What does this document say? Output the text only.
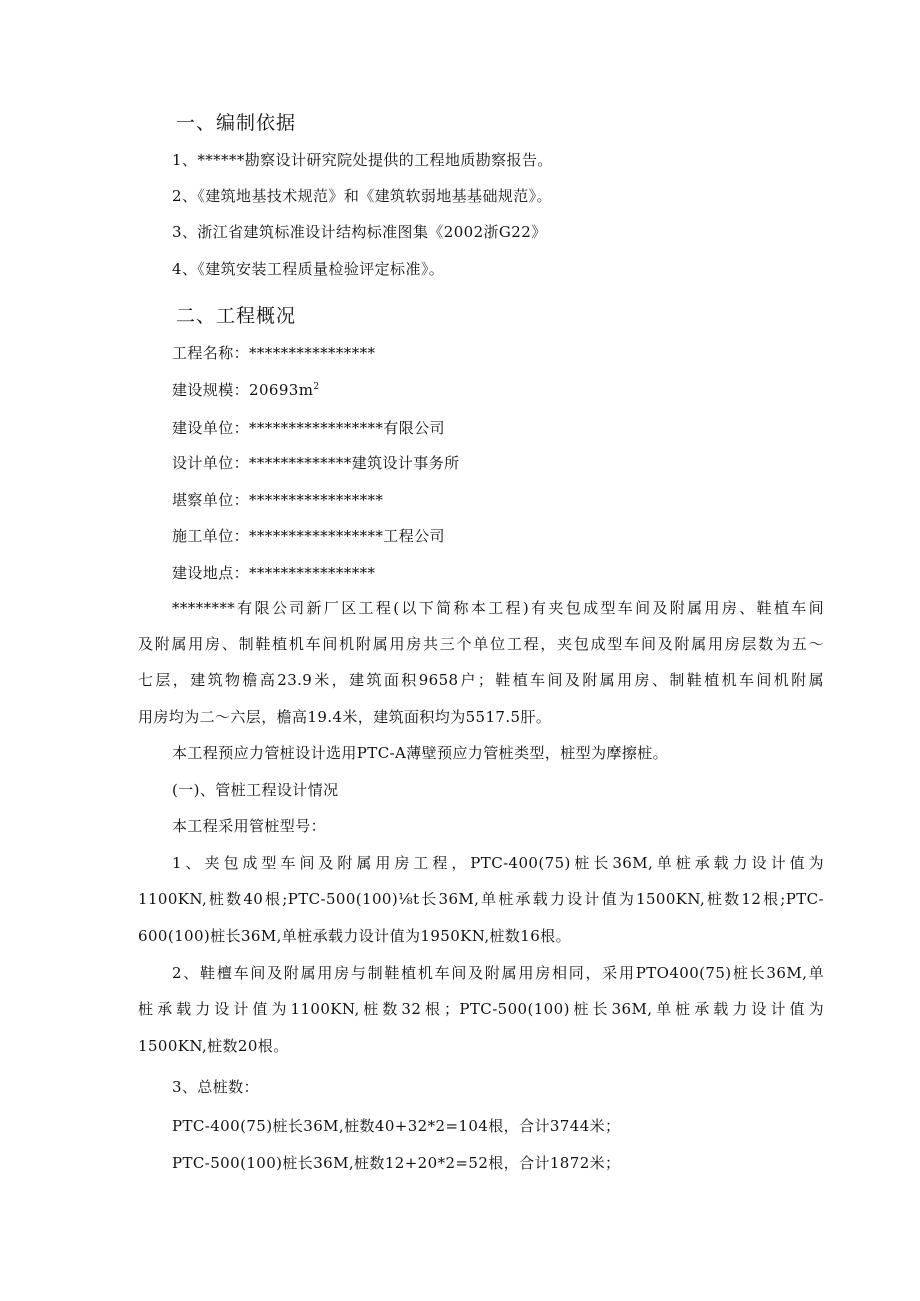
一、编制依据
1、******勘察设计研究院处提供的工程地质勘察报告。
2、《建筑地基技术规范》和《建筑软弱地基基础规范》。
3、浙江省建筑标准设计结构标准图集《2002浙G22》
4、《建筑安装工程质量检验评定标准》。
二、工程概况
工程名称：****************
建设规模：$20693m^2$
建设单位：*****************有限公司
设计单位：*************建筑设计事务所
堪察单位：*****************
施工单位：*****************工程公司
建设地点：****************
********有限公司新厂区工程(以下简称本工程)有夹包成型车间及附属用房、鞋植车间
及附属用房、制鞋植机车间机附属用房共三个单位工程，夹包成型车间及附属用房层数为五～
七层，建筑物檐高23.9米，建筑面积9658户；鞋植车间及附属用房、制鞋植机车间机附属
用房均为二～六层，檐高19.4米，建筑面积均为5517.5肝。
本工程预应力管桩设计选用PTC-A薄壁预应力管桩类型，桩型为摩擦桩。
(一)、管桩工程设计情况
本工程采用管桩型号：
1、夹包成型车间及附属用房工程，PTC-400(75)桩长36M,单桩承载力设计值为
1100KN,桩数40根;PTC-500(100)⅛t长36M,单桩承载力设计值为1500KN,桩数12根;PTC-
600(100)桩长36M,单桩承载力设计值为1950KN,桩数16根。
2、鞋檀车间及附属用房与制鞋植机车间及附属用房相同，采用PTO400(75)桩长36M,单
桩承载力设计值为1100KN,桩数32根；PTC-500(100)桩长36M,单桩承载力设计值为
1500KN,桩数20根。
3、总桩数：
PTC-400(75)桩长36M,桩数40+32*2=104根，合计3744米；
PTC-500(100)桩长36M,桩数12+20*2=52根，合计1872米；
